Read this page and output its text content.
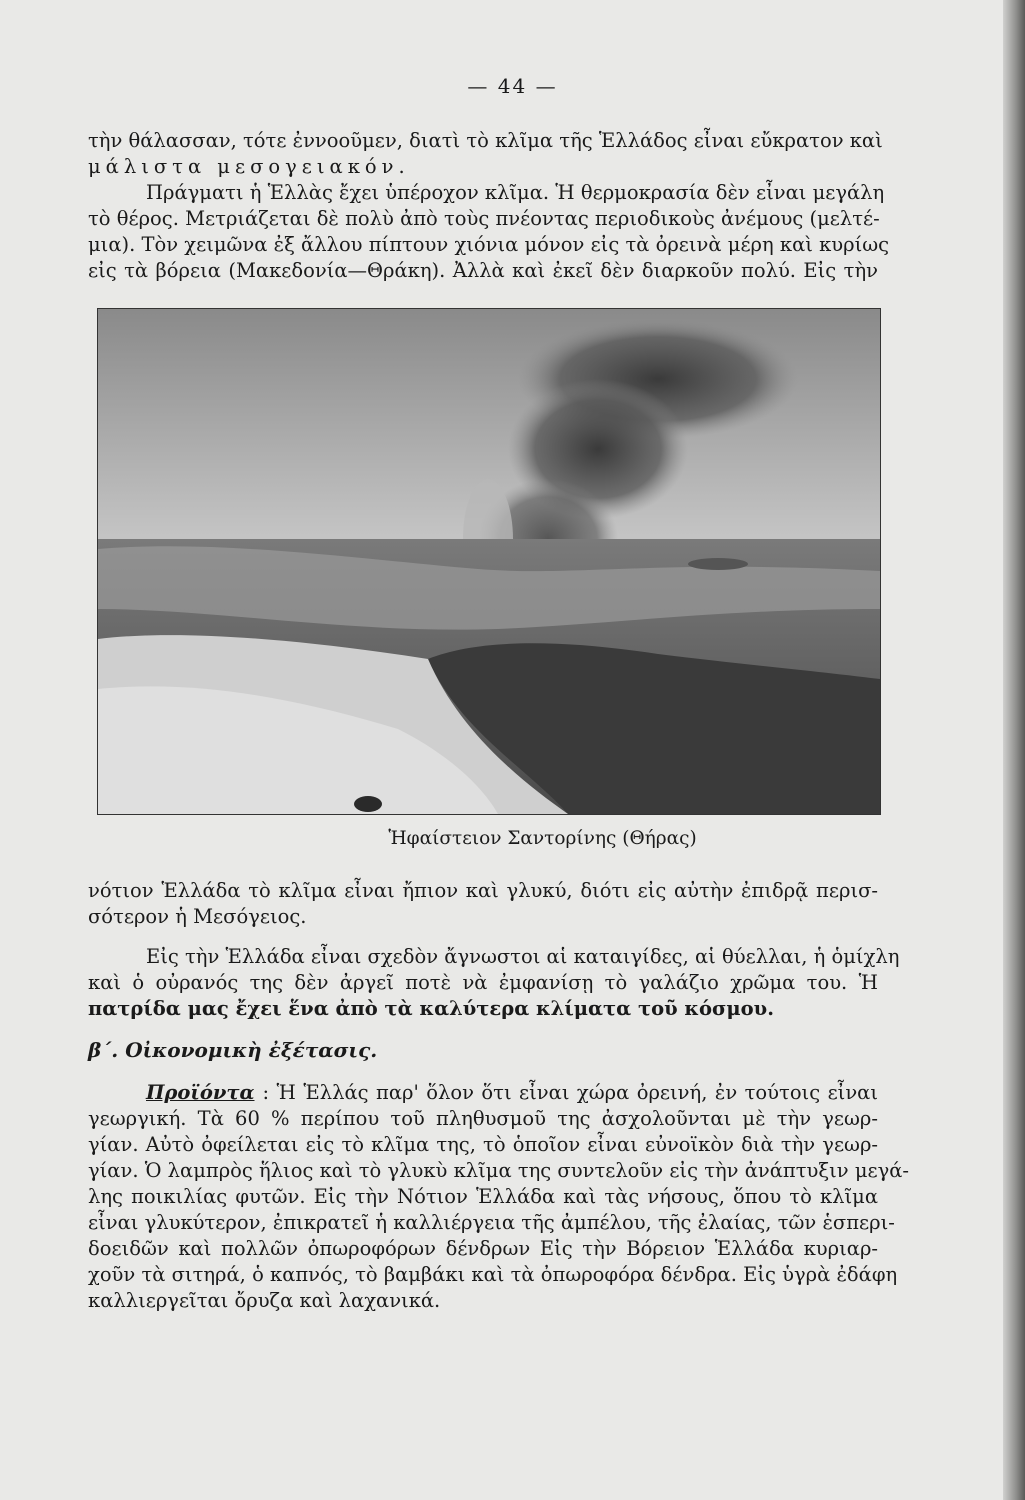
— 44 —
τὴν θάλασσαν, τότε ἐννοοῦμεν, διατὶ τὸ κλῖμα τῆς Ἑλλάδος εἶναι εὔκρατον καὶ
μάλιστα μεσογειακόν.
Πράγματι ἡ Ἑλλὰς ἔχει ὑπέροχον κλῖμα. Ἡ θερμοκρασία δὲν εἶναι μεγάλη
τὸ θέρος. Μετριάζεται δὲ πολὺ ἀπὸ τοὺς πνέοντας περιοδικοὺς ἀνέμους (μελτέ-
μια). Τὸν χειμῶνα ἐξ ἄλλου πίπτουν χιόνια μόνον εἰς τὰ ὀρεινὰ μέρη καὶ κυρίως
εἰς τὰ βόρεια (Μακεδονία—Θράκη). Ἀλλὰ καὶ ἐκεῖ δὲν διαρκοῦν πολύ. Εἰς τὴν
Ἡφαίστειον Σαντορίνης (Θήρας)
νότιον Ἑλλάδα τὸ κλῖμα εἶναι ἤπιον καὶ γλυκύ, διότι εἰς αὐτὴν ἐπιδρᾷ περισ-
σότερον ἡ Μεσόγειος.
Εἰς τὴν Ἑλλάδα εἶναι σχεδὸν ἄγνωστοι αἱ καταιγίδες, αἱ θύελλαι, ἡ ὁμίχλη
καὶ ὁ οὐρανός της δὲν ἀργεῖ ποτὲ νὰ ἐμφανίσῃ τὸ γαλάζιο χρῶμα του. Ἡ
πατρίδα μας ἔχει ἕνα ἀπὸ τὰ καλύτερα κλίματα τοῦ κόσμου.
β΄. Οἰκονομικὴ ἐξέτασις.
Προϊόντα : Ἡ Ἑλλάς παρ' ὅλον ὅτι εἶναι χώρα ὀρεινή, ἐν τούτοις εἶναι
γεωργική. Τὰ 60 % περίπου τοῦ πληθυσμοῦ της ἀσχολοῦνται μὲ τὴν γεωρ-
γίαν. Αὐτὸ ὀφείλεται εἰς τὸ κλῖμα της, τὸ ὁποῖον εἶναι εὐνοϊκὸν διὰ τὴν γεωρ-
γίαν. Ὁ λαμπρὸς ἥλιος καὶ τὸ γλυκὺ κλῖμα της συντελοῦν εἰς τὴν ἀνάπτυξιν μεγά-
λης ποικιλίας φυτῶν. Εἰς τὴν Νότιον Ἑλλάδα καὶ τὰς νήσους, ὅπου τὸ κλῖμα
εἶναι γλυκύτερον, ἐπικρατεῖ ἡ καλλιέργεια τῆς ἀμπέλου, τῆς ἐλαίας, τῶν ἑσπερι-
δοειδῶν καὶ πολλῶν ὀπωροφόρων δένδρων Εἰς τὴν Βόρειον Ἑλλάδα κυριαρ-
χοῦν τὰ σιτηρά, ὁ καπνός, τὸ βαμβάκι καὶ τὰ ὀπωροφόρα δένδρα. Εἰς ὑγρὰ ἐδάφη
καλλιεργεῖται ὄρυζα καὶ λαχανικά.
